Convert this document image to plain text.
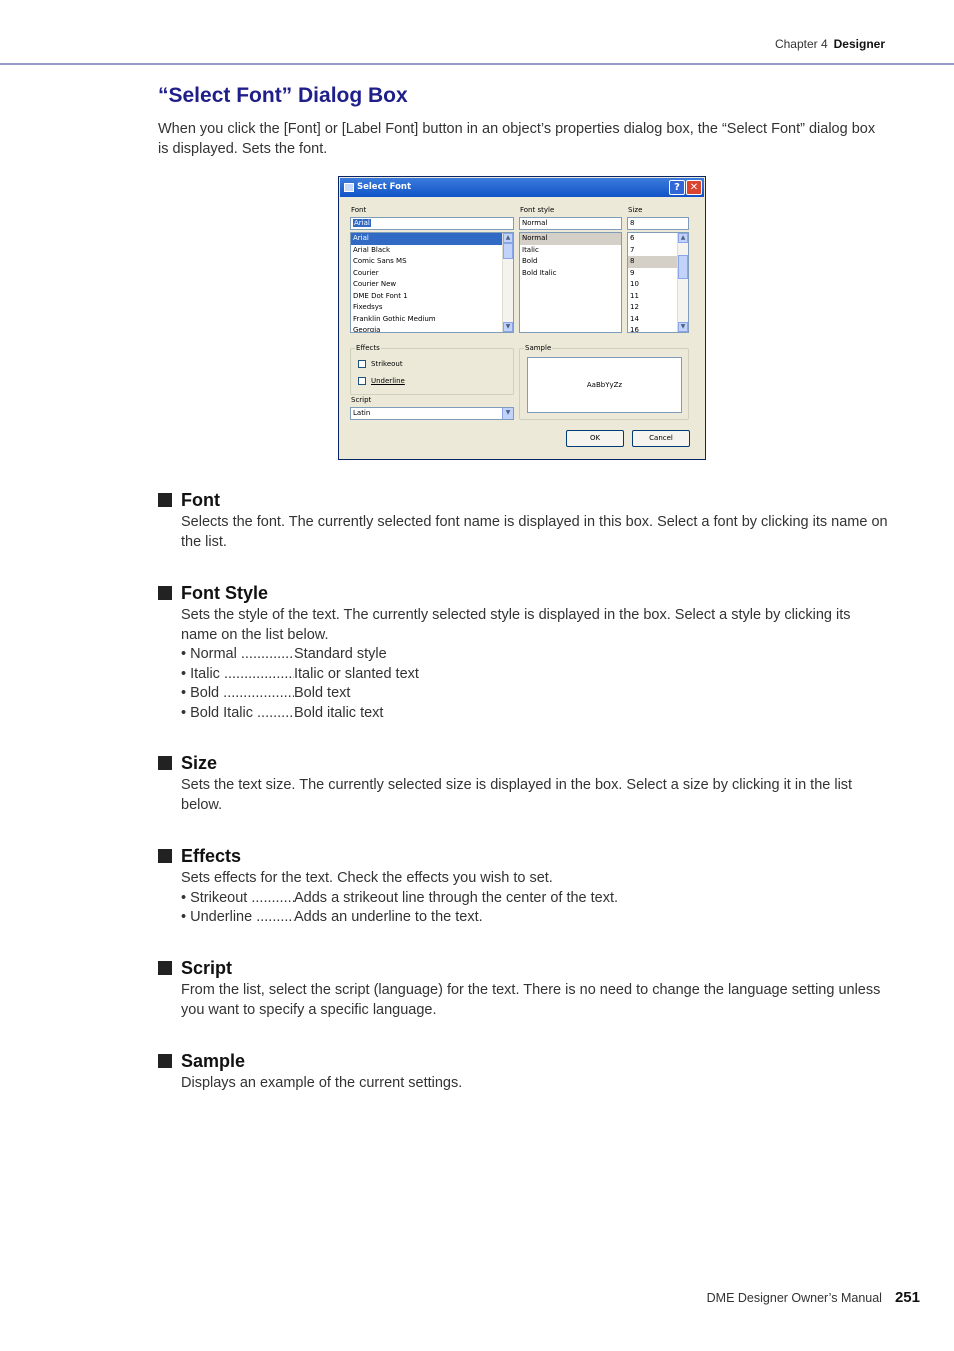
Chapter 4 Designer
“Select Font” Dialog Box
When you click the [Font] or [Label Font] button in an object’s properties dialog box, the “Select Font” dialog box is displayed. Sets the font.
Select Font	? ✕
Font
Arial
Arial
Arial Black
Comic Sans MS
Courier
Courier New
DME Dot Font 1
Fixedsys
Franklin Gothic Medium
Georgia
▲
▼
Font style
Normal
Normal
Italic
Bold
Bold Italic
Size
8
6
7
8
9
10
11
12
14
16
▲
▼
Effects
Strikeout
Underline
Sample
AaBbYyZz
Script
Latin	▼
OK	Cancel
Font
Selects the font. The currently selected font name is displayed in this box. Select a font by clicking its name on the list.
Font Style
Sets the style of the text. The currently selected style is displayed in the box. Select a style by clicking its name on the list below.
• Normal .....	Standard style
• Italic .....	Italic or slanted text
• Bold .....	Bold text
• Bold Italic .....	Bold italic text
Size
Sets the text size. The currently selected size is displayed in the box. Select a size by clicking it in the list below.
Effects
Sets effects for the text. Check the effects you wish to set.
• Strikeout .....	Adds a strikeout line through the center of the text.
• Underline .....	Adds an underline to the text.
Script
From the list, select the script (language) for the text. There is no need to change the language setting unless you want to specify a specific language.
Sample
Displays an example of the current settings.
DME Designer Owner’s Manual 251
